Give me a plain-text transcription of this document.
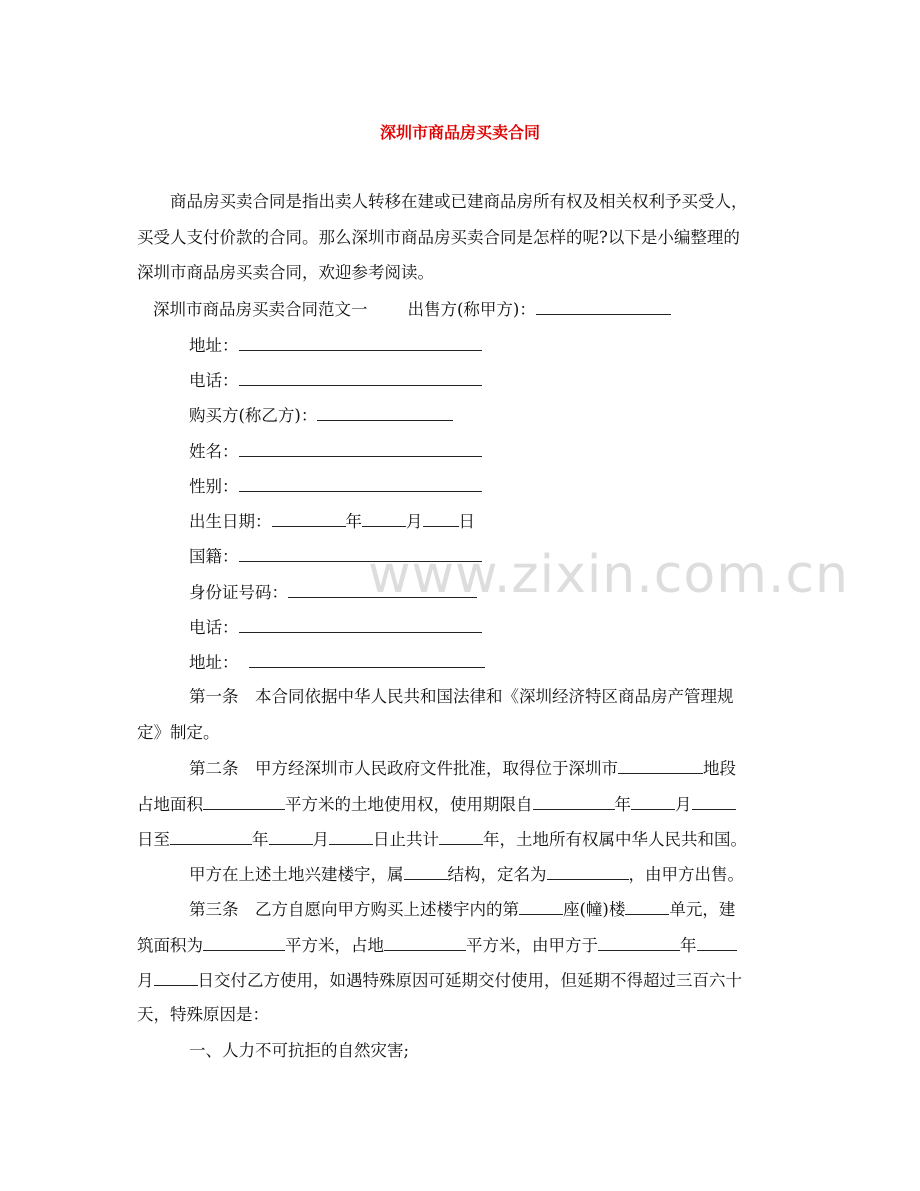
深圳市商品房买卖合同
商品房买卖合同是指出卖人转移在建或已建商品房所有权及相关权利予买受人，
买受人支付价款的合同。那么深圳市商品房买卖合同是怎样的呢?以下是小编整理的
深圳市商品房买卖合同，欢迎参考阅读。
深圳市商品房买卖合同范文一 出售方(称甲方)：
地址：
电话：
购买方(称乙方)：
姓名：
性别：
出生日期：	年	月 日
国籍：
身份证号码：
电话：
地址：
第一条　本合同依据中华人民共和国法律和《深圳经济特区商品房产管理规
定》制定。
第二条　甲方经深圳市人民政府文件批准，取得位于深圳市	地段
占地面积	平方米的土地使用权，使用期限自	年	月
日至	年	月	日止共计	年，土地所有权属中华人民共和国。
甲方在上述土地兴建楼宇，属	结构，定名为	，由甲方出售。
第三条　乙方自愿向甲方购买上述楼宇内的第	座(幢)楼	单元，建
筑面积为	平方米，占地	平方米，由甲方于	年
月	日交付乙方使用，如遇特殊原因可延期交付使用，但延期不得超过三百六十
天，特殊原因是：
一、人力不可抗拒的自然灾害;
www.zixin.com.cn
